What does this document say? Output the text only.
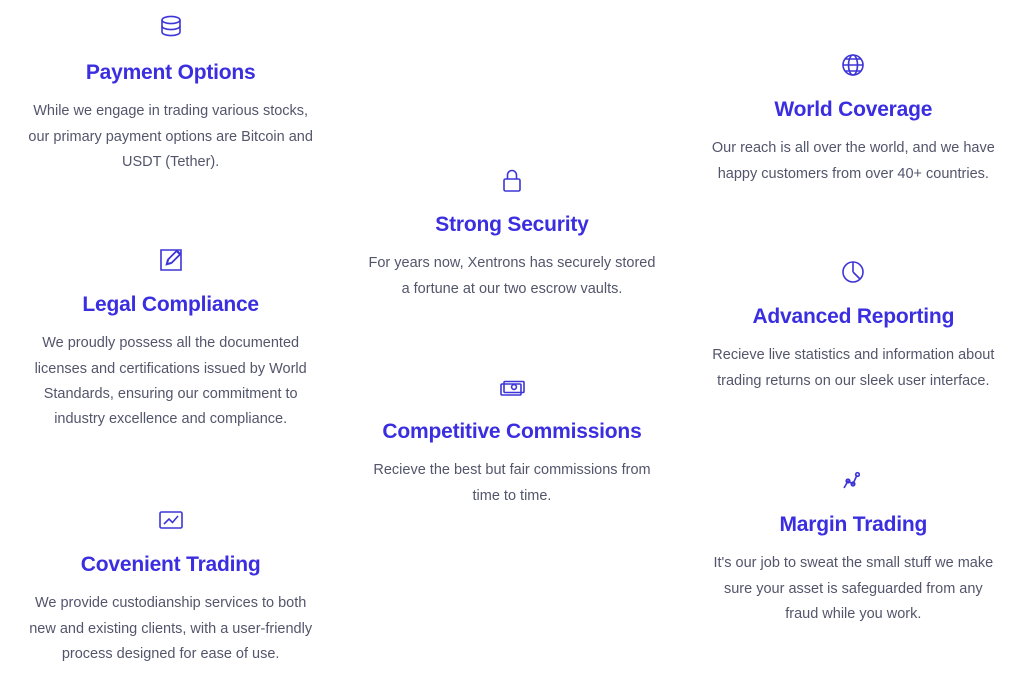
Payment Options

While we engage in trading various stocks, our primary payment options are Bitcoin and USDT (Tether).

Legal Compliance

We proudly possess all the documented licenses and certifications issued by World Standards, ensuring our commitment to industry excellence and compliance.

Covenient Trading

We provide custodianship services to both new and existing clients, with a user-friendly process designed for ease of use.

Strong Security

For years now, Xentrons has securely stored a fortune at our two escrow vaults.

Competitive Commissions

Recieve the best but fair commissions from time to time.

World Coverage

Our reach is all over the world, and we have happy customers from over 40+ countries.

Advanced Reporting

Recieve live statistics and information about trading returns on our sleek user interface.

Margin Trading

It's our job to sweat the small stuff we make sure your asset is safeguarded from any fraud while you work.
